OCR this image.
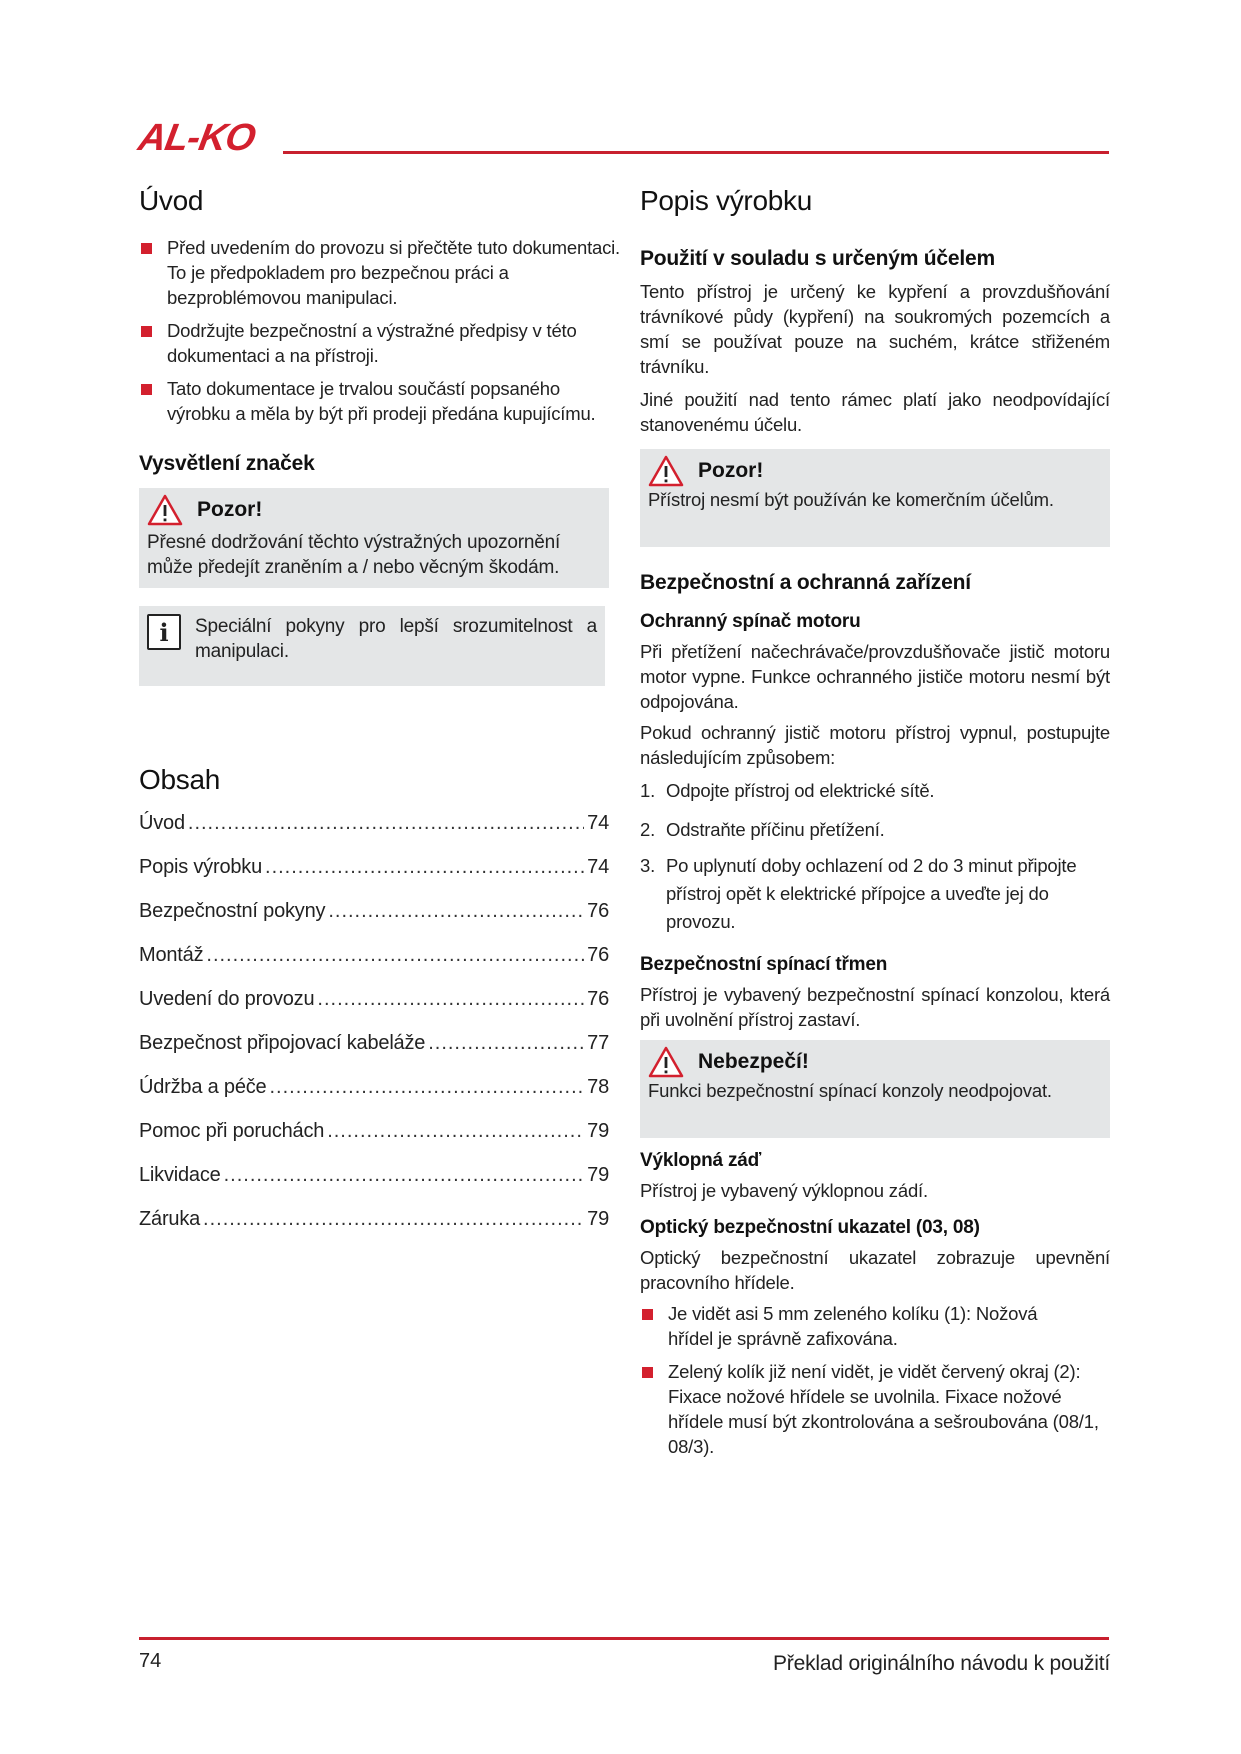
AL-KO
Úvod
Před uvedením do provozu si přečtěte tuto dokumentaci. To je předpokladem pro bezpečnou práci a bezproblémovou manipulaci.
Dodržujte bezpečnostní a výstražné předpisy v této dokumentaci a na přístroji.
Tato dokumentace je trvalou součástí popsaného výrobku a měla by být při prodeji předána kupujícímu.
Vysvětlení značek
Pozor!

Přesné dodržování těchto výstražných upozornění může předejít zraněním a / nebo věcným škodám.

i	Speciální pokyny pro lepší srozumitelnost a manipulaci.

Obsah
Úvod .....	74
Popis výrobku .....	74
Bezpečnostní pokyny .....	76
Montáž .....	76
Uvedení do provozu .....	76
Bezpečnost připojovací kabeláže .....	77
Údržba a péče .....	78
Pomoc při poruchách .....	79
Likvidace .....	79
Záruka .....	79
Popis výrobku
Použití v souladu s určeným účelem

Tento přístroj je určený ke kypření a provzdušňování trávníkové půdy (kypření) na soukromých pozemcích a smí se používat pouze na suchém, krátce střiženém trávníku.

Jiné použití nad tento rámec platí jako neodpovídající stanovenému účelu.

Pozor!

Přístroj nesmí být používán ke komerčním účelům.

Bezpečnostní a ochranná zařízení
Ochranný spínač motoru

Při přetížení načechrávače/provzdušňovače jistič motoru motor vypne. Funkce ochranného jističe motoru nesmí být odpojována.

Pokud ochranný jistič motoru přístroj vypnul, postupujte následujícím způsobem:

1. Odpojte přístroj od elektrické sítě.
2. Odstraňte příčinu přetížení.
3. Po uplynutí doby ochlazení od 2 do 3 minut připojte přístroj opět k elektrické přípojce a uveďte jej do provozu.
Bezpečnostní spínací třmen

Přístroj je vybavený bezpečnostní spínací konzolou, která při uvolnění přístroj zastaví.

Nebezpečí!

Funkci bezpečnostní spínací konzoly neodpojovat.

Výklopná záď

Přístroj je vybavený výklopnou zádí.

Optický bezpečnostní ukazatel (03, 08)

Optický bezpečnostní ukazatel zobrazuje upevnění pracovního hřídele.

Je vidět asi 5 mm zeleného kolíku (1): Nožová hřídel je správně zafixována.
Zelený kolík již není vidět, je vidět červený okraj (2): Fixace nožové hřídele se uvolnila. Fixace nožové hřídele musí být zkontrolována a sešroubována (08/1, 08/3).
74	Překlad originálního návodu k použití
